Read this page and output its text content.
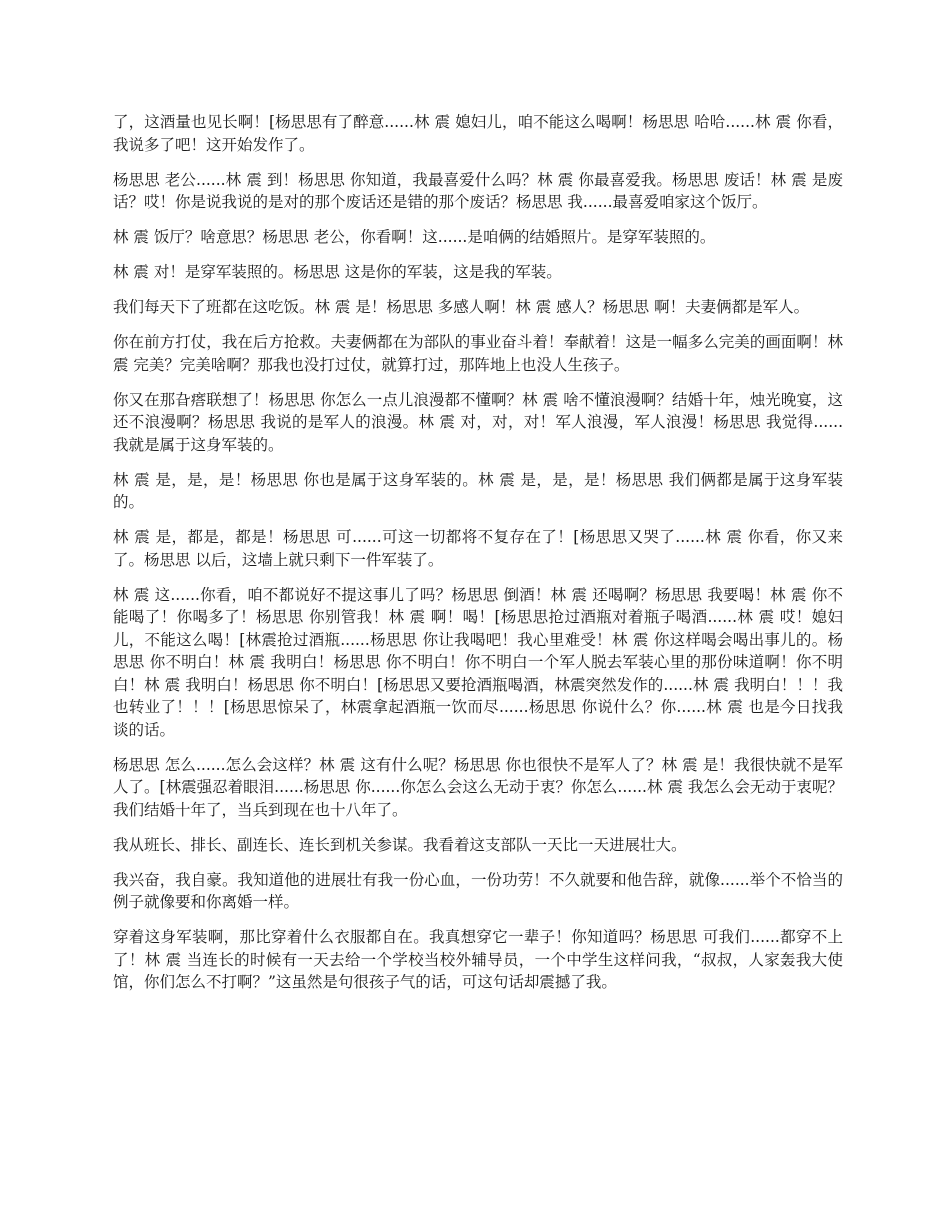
了，这酒量也见长啊！[杨思思有了醉意......林 震 媳妇儿，咱不能这么喝啊！杨思思 哈哈......林 震 你看，我说多了吧！这开始发作了。

杨思思 老公......林 震 到！杨思思 你知道，我最喜爱什么吗？林 震 你最喜爱我。杨思思 废话！林 震 是废话？哎！你是说我说的是对的那个废话还是错的那个废话？杨思思 我......最喜爱咱家这个饭厅。

林 震 饭厅？啥意思？杨思思 老公，你看啊！这......是咱俩的结婚照片。是穿军装照的。

林 震 对！是穿军装照的。杨思思 这是你的军装，这是我的军装。

我们每天下了班都在这吃饭。林 震 是！杨思思 多感人啊！林 震 感人？杨思思 啊！夫妻俩都是军人。

你在前方打仗，我在后方抢救。夫妻俩都在为部队的事业奋斗着！奉献着！这是一幅多么完美的画面啊！林 震 完美？完美啥啊？那我也没打过仗，就算打过，那阵地上也没人生孩子。

你又在那旮瘩联想了！杨思思 你怎么一点儿浪漫都不懂啊？林 震 啥不懂浪漫啊？结婚十年，烛光晚宴，这还不浪漫啊？杨思思 我说的是军人的浪漫。林 震 对，对，对！军人浪漫，军人浪漫！杨思思 我觉得......我就是属于这身军装的。

林 震 是，是，是！杨思思 你也是属于这身军装的。林 震 是，是，是！杨思思 我们俩都是属于这身军装的。

林 震 是，都是，都是！杨思思 可......可这一切都将不复存在了！[杨思思又哭了......林 震 你看，你又来了。杨思思 以后，这墙上就只剩下一件军装了。

林 震 这......你看，咱不都说好不提这事儿了吗？杨思思 倒酒！林 震 还喝啊？杨思思 我要喝！林 震 你不能喝了！你喝多了！杨思思 你别管我！林 震 啊！喝！[杨思思抢过酒瓶对着瓶子喝酒......林 震 哎！媳妇儿，不能这么喝！[林震抢过酒瓶......杨思思 你让我喝吧！我心里难受！林 震 你这样喝会喝出事儿的。杨思思 你不明白！林 震 我明白！杨思思 你不明白！你不明白一个军人脱去军装心里的那份味道啊！你不明白！林 震 我明白！杨思思 你不明白！[杨思思又要抢酒瓶喝酒，林震突然发作的......林 震 我明白！！！我也转业了！！！[杨思思惊呆了，林震拿起酒瓶一饮而尽......杨思思 你说什么？你......林 震 也是今日找我谈的话。

杨思思 怎么......怎么会这样？林 震 这有什么呢？杨思思 你也很快不是军人了？林 震 是！我很快就不是军人了。[林震强忍着眼泪......杨思思 你......你怎么会这么无动于衷？你怎么......林 震 我怎么会无动于衷呢？我们结婚十年了，当兵到现在也十八年了。

我从班长、排长、副连长、连长到机关参谋。我看着这支部队一天比一天进展壮大。

我兴奋，我自豪。我知道他的进展壮有我一份心血，一份功劳！不久就要和他告辞，就像......举个不恰当的例子就像要和你离婚一样。

穿着这身军装啊，那比穿着什么衣服都自在。我真想穿它一辈子！你知道吗？杨思思 可我们......都穿不上了！林 震 当连长的时候有一天去给一个学校当校外辅导员，一个中学生这样问我，“叔叔，人家轰我大使馆，你们怎么不打啊？”这虽然是句很孩子气的话，可这句话却震撼了我。
